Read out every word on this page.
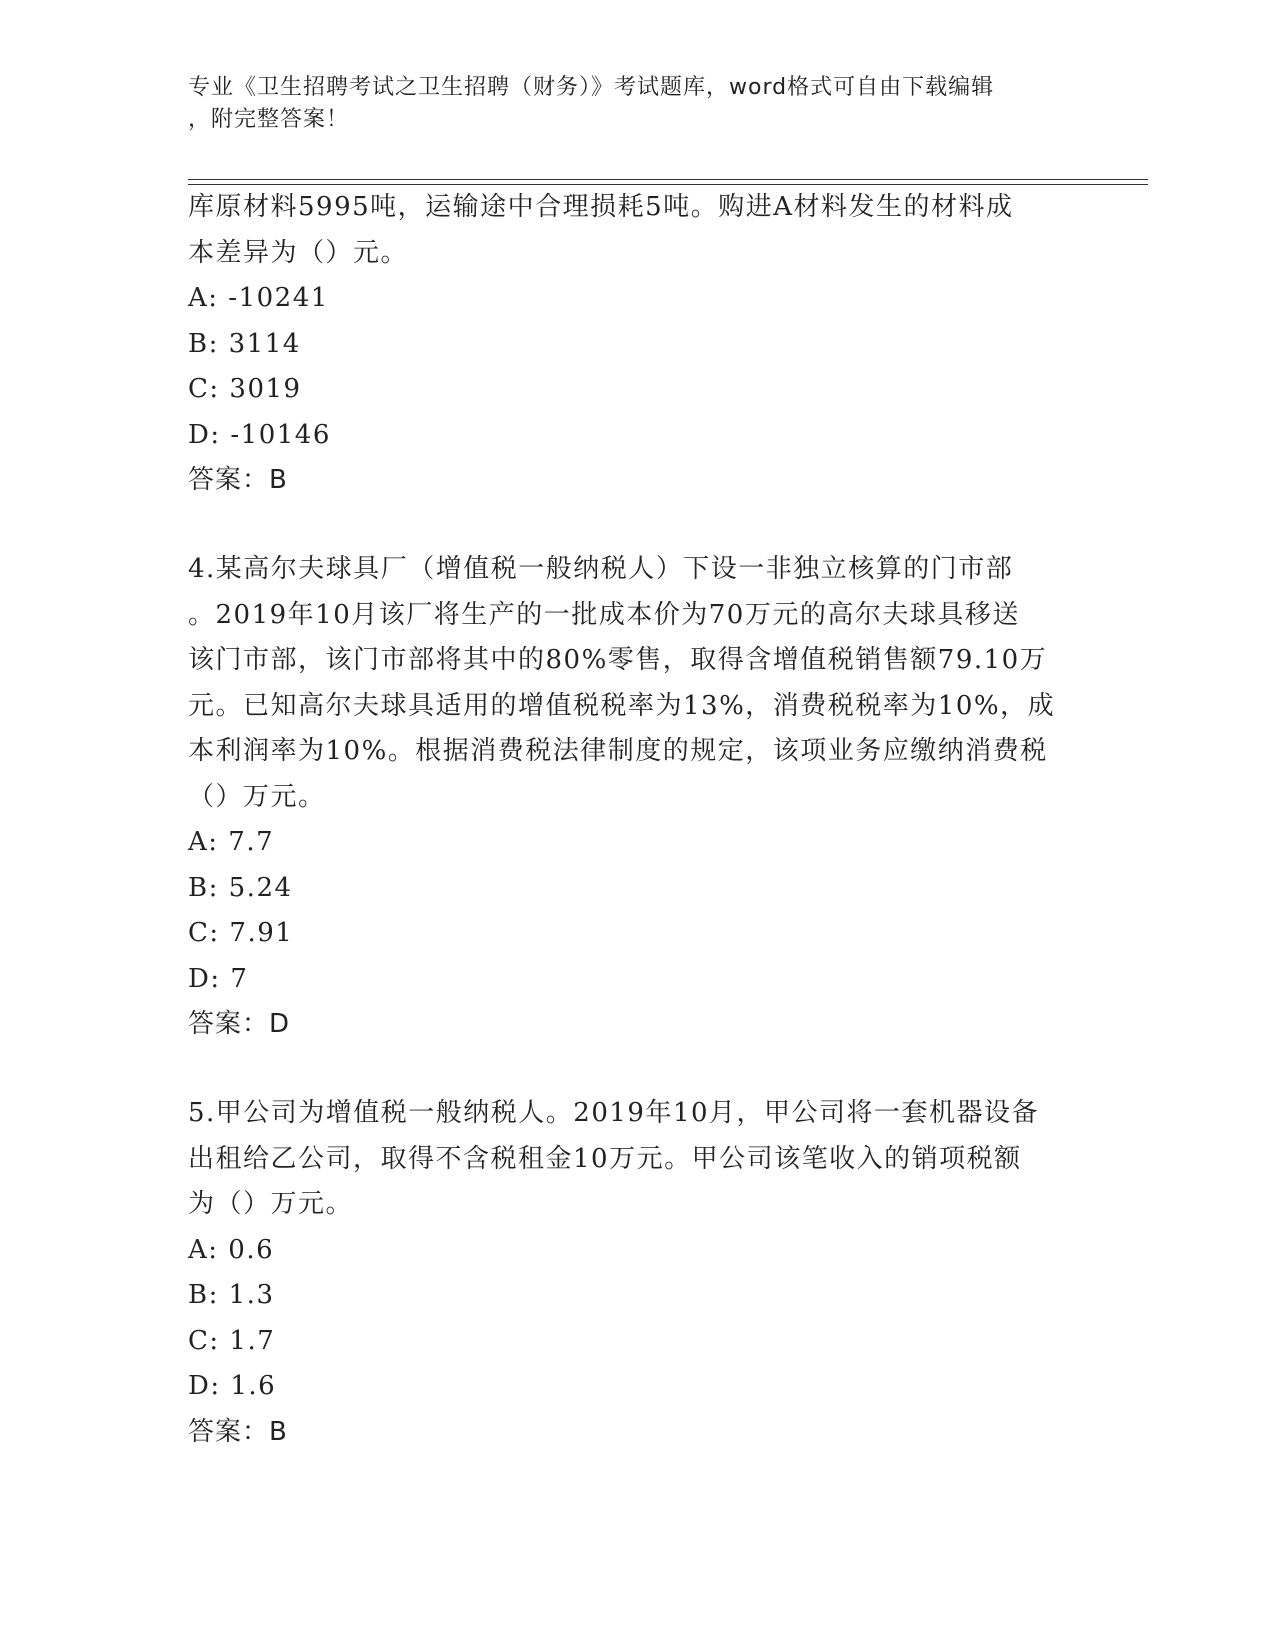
专业《卫生招聘考试之卫生招聘（财务）》考试题库，word格式可自由下载编辑
，附完整答案！
库原材料5995吨，运输途中合理损耗5吨。购进A材料发生的材料成
本差异为（）元。
A: -10241
B: 3114
C: 3019
D: -10146
答案：B
4.某高尔夫球具厂（增值税一般纳税人）下设一非独立核算的门市部
。2019年10月该厂将生产的一批成本价为70万元的高尔夫球具移送
该门市部，该门市部将其中的80%零售，取得含增值税销售额79.10万
元。已知高尔夫球具适用的增值税税率为13%，消费税税率为10%，成
本利润率为10%。根据消费税法律制度的规定，该项业务应缴纳消费税
（）万元。
A: 7.7
B: 5.24
C: 7.91
D: 7
答案：D
5.甲公司为增值税一般纳税人。2019年10月，甲公司将一套机器设备
出租给乙公司，取得不含税租金10万元。甲公司该笔收入的销项税额
为（）万元。
A: 0.6
B: 1.3
C: 1.7
D: 1.6
答案：B
